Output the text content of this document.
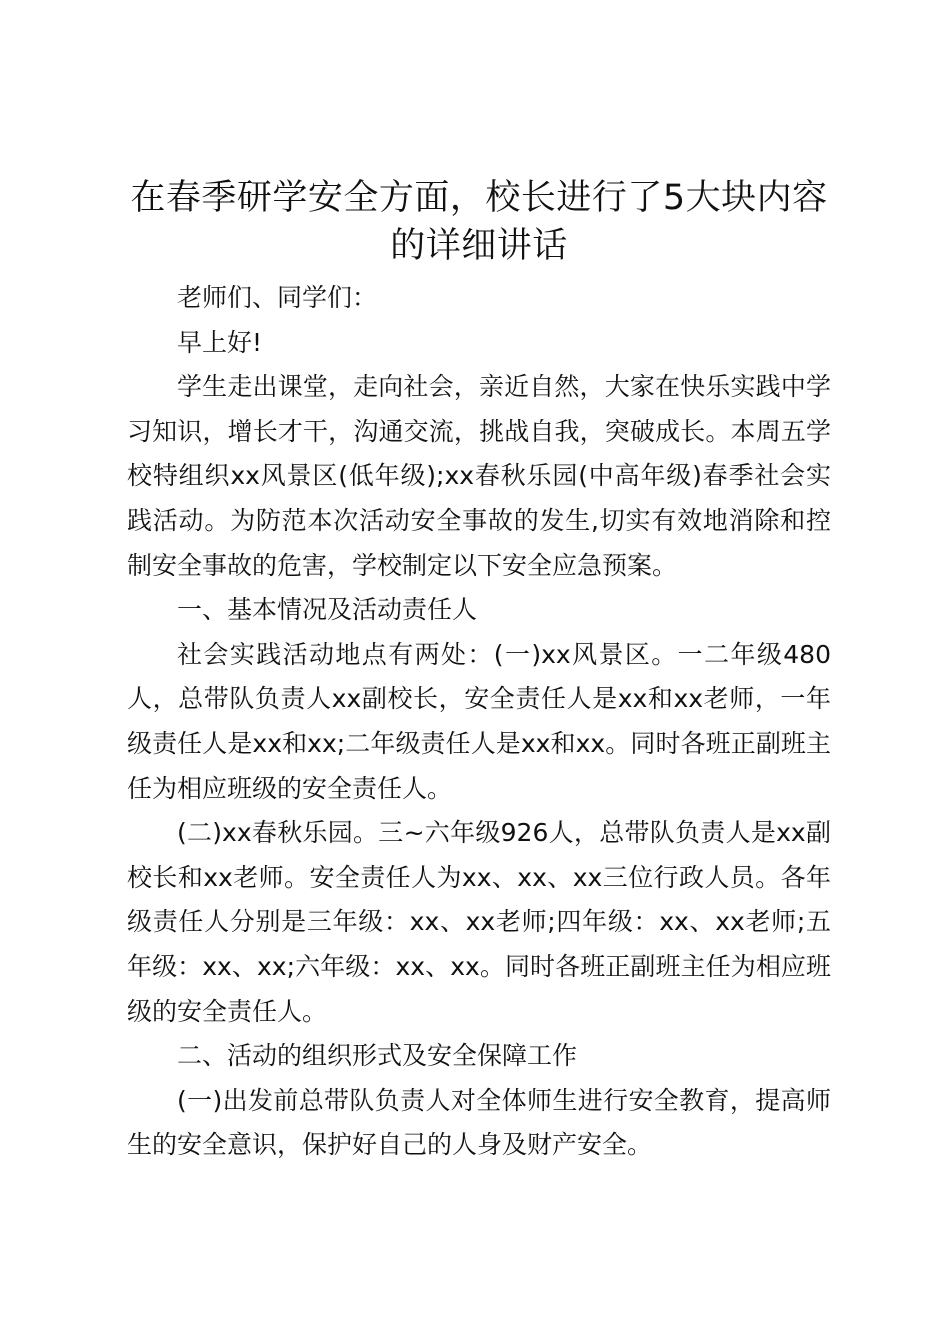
在春季研学安全方面，校长进行了5大块内容的详细讲话

老师们、同学们：

早上好!

学生走出课堂，走向社会，亲近自然，大家在快乐实践中学习知识，增长才干，沟通交流，挑战自我，突破成长。本周五学校特组织xx风景区(低年级);xx春秋乐园(中高年级)春季社会实践活动。为防范本次活动安全事故的发生,切实有效地消除和控制安全事故的危害，学校制定以下安全应急预案。

一、基本情况及活动责任人

社会实践活动地点有两处：(一)xx风景区。一二年级480人，总带队负责人xx副校长，安全责任人是xx和xx老师，一年级责任人是xx和xx;二年级责任人是xx和xx。同时各班正副班主任为相应班级的安全责任人。

(二)xx春秋乐园。三~六年级926人，总带队负责人是xx副校长和xx老师。安全责任人为xx、xx、xx三位行政人员。各年级责任人分别是三年级：xx、xx老师;四年级：xx、xx老师;五年级：xx、xx;六年级：xx、xx。同时各班正副班主任为相应班级的安全责任人。

二、活动的组织形式及安全保障工作

(一)出发前总带队负责人对全体师生进行安全教育，提高师生的安全意识，保护好自己的人身及财产安全。
